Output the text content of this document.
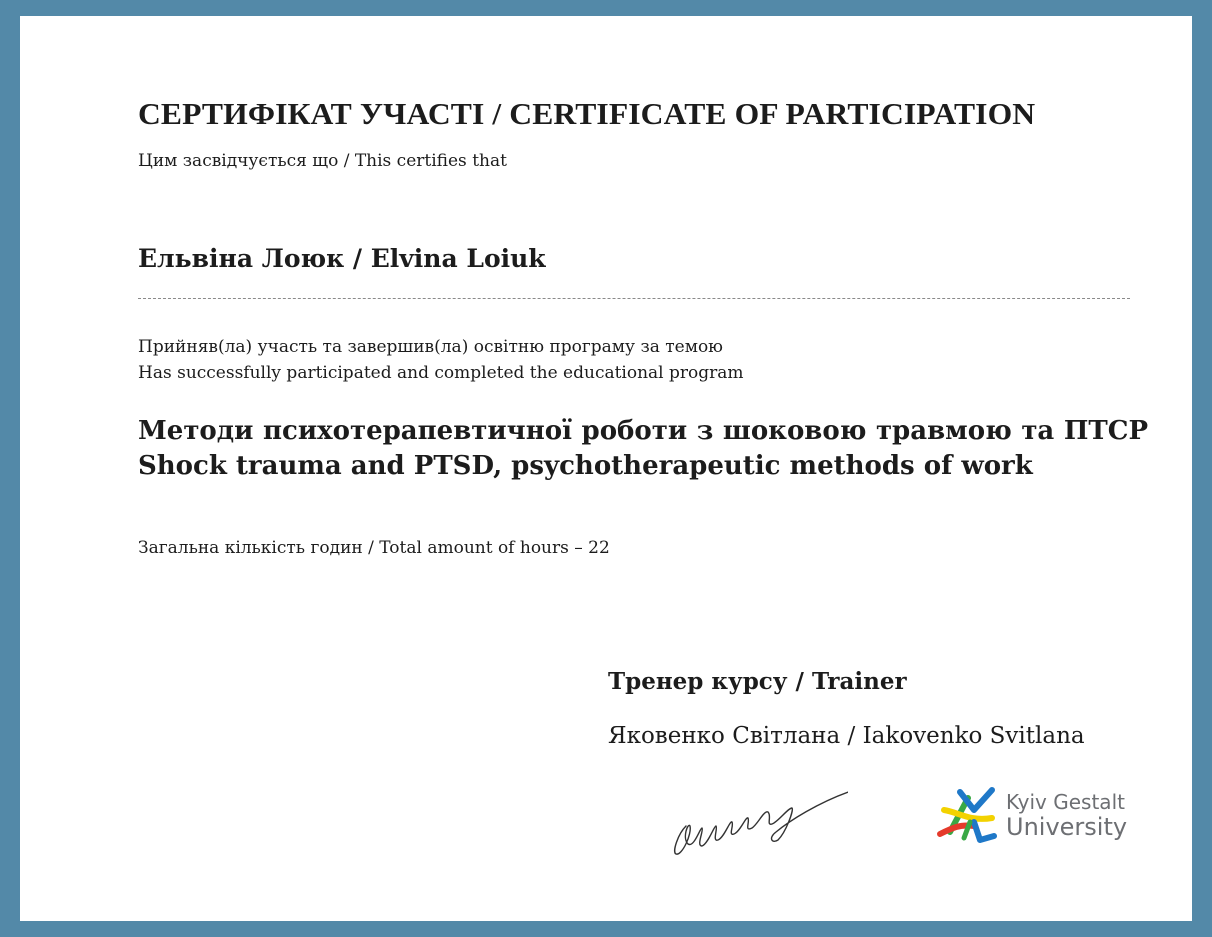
СЕРТИФІКАТ УЧАСТІ / CERTIFICATE OF PARTICIPATION
Цим засвідчується що / This certifies that
Ельвіна Лоюк / Elvina Loiuk
Прийняв(ла) участь та завершив(ла) освітню програму за темою
Has successfully participated and completed the educational program
Методи психотерапевтичної роботи з шоковою травмою та ПТСР Shock trauma and PTSD, psychotherapeutic methods of work
Загальна кількість годин / Total amount of hours – 22
Тренер курсу / Trainer
Яковенко Світлана / Iakovenko Svitlana
Kyiv Gestalt
University
